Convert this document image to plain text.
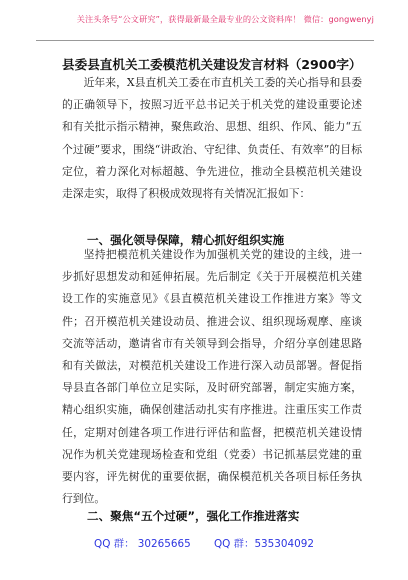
关注头条号“公文研究”，获得最新最全最专业的公文资料库！ 微信：gongwenyj
县委县直机关工委模范机关建设发言材料（2900字）

近年来，X县直机关工委在市直机关工委的关心指导和县委的正确领导下，按照习近平总书记关于机关党的建设重要论述和有关批示指示精神，聚焦政治、思想、组织、作风、能力“五个过硬”要求，围绕“讲政治、守纪律、负责任、有效率”的目标定位，着力深化对标超越、争先进位，推动全县模范机关建设走深走实，取得了积极成效现将有关情况汇报如下：

一、强化领导保障，精心抓好组织实施

坚持把模范机关建设作为加强机关党的建设的主线，进一步抓好思想发动和延伸拓展。先后制定《关于开展模范机关建设工作的实施意见》《县直模范机关建设工作推进方案》等文件；召开模范机关建设动员、推进会议、组织现场观摩、座谈交流等活动，邀请省市有关领导到会指导，介绍分享创建思路和有关做法，对模范机关建设工作进行深入动员部署。督促指导县直各部门单位立足实际，及时研究部署，制定实施方案，精心组织实施，确保创建活动扎实有序推进。注重压实工作责任，定期对创建各项工作进行评估和监督，把模范机关建设情况作为机关党建现场检查和党组（党委）书记抓基层党建的重要内容，评先树优的重要依据，确保模范机关各项目标任务执行到位。

二、聚焦“五个过硬”，强化工作推进落实
QQ 群： 30265665 QQ 群：535304092
